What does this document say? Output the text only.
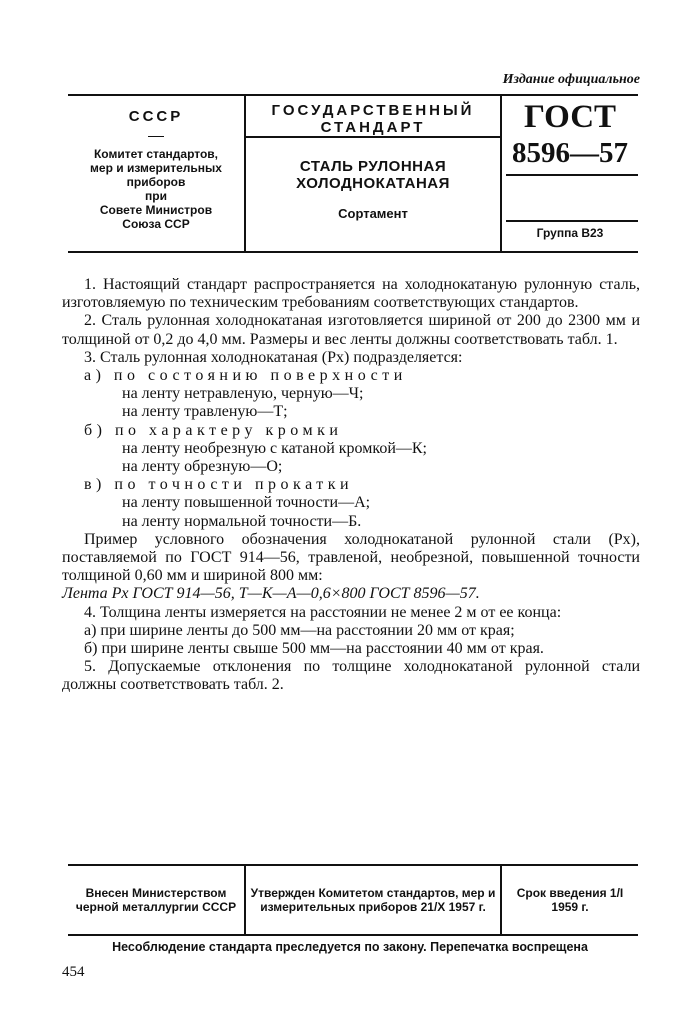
Издание официальное
СССР
Комитет стандартов,
мер и измерительных
приборов
при
Совете Министров
Союза ССР
ГОСУДАРСТВЕННЫЙ
СТАНДАРТ
СТАЛЬ РУЛОННАЯ
ХОЛОДНОКАТАНАЯ
Сортамент
ГОСТ
8596—57
Группа В23

1. Настоящий стандарт распространяется на холоднокатаную рулонную сталь, изготовляемую по техническим требованиям соответствующих стандартов.

2. Сталь рулонная холоднокатаная изготовляется шириной от 200 до 2300 мм и толщиной от 0,2 до 4,0 мм. Размеры и вес ленты должны соответствовать табл. 1.

3. Сталь рулонная холоднокатаная (Рх) подразделяется:

а) по состоянию поверхности

на ленту нетравленую, черную—Ч;

на ленту травленую—Т;

б) по характеру кромки

на ленту необрезную с катаной кромкой—К;

на ленту обрезную—О;

в) по точности прокатки

на ленту повышенной точности—А;

на ленту нормальной точности—Б.

Пример условного обозначения холоднокатаной рулонной стали (Рх), поставляемой по ГОСТ 914—56, травленой, необрезной, повышенной точности толщиной 0,60 мм и шириной 800 мм:

Лента Рх ГОСТ 914—56, Т—К—А—0,6×800 ГОСТ 8596—57.

4. Толщина ленты измеряется на расстоянии не менее 2 м от ее конца:

а) при ширине ленты до 500 мм—на расстоянии 20 мм от края;

б) при ширине ленты свыше 500 мм—на расстоянии 40 мм от края.

5. Допускаемые отклонения по толщине холоднокатаной рулонной стали должны соответствовать табл. 2.

Внесен Министерством черной металлургии СССР
Утвержден Комитетом стандартов, мер и измерительных приборов 21/X 1957 г.
Срок введения 1/I 1959 г.
Несоблюдение стандарта преследуется по закону. Перепечатка воспрещена
454
